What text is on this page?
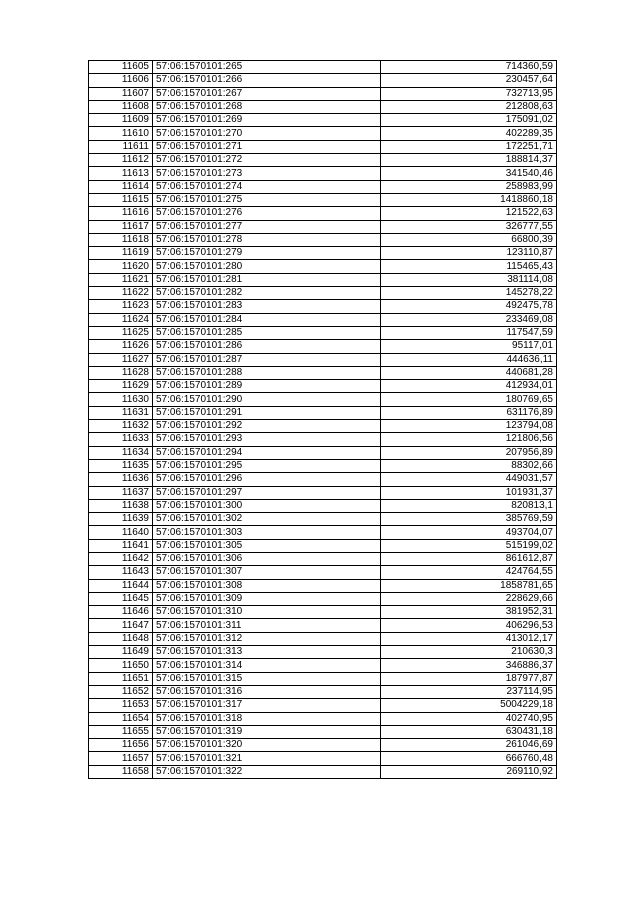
11605	57:06:1570101:265	714360,59
11606	57:06:1570101:266	230457,64
11607	57:06:1570101:267	732713,95
11608	57:06:1570101:268	212808,63
11609	57:06:1570101:269	175091,02
11610	57:06:1570101:270	402289,35
11611	57:06:1570101:271	172251,71
11612	57:06:1570101:272	188814,37
11613	57:06:1570101:273	341540,46
11614	57:06:1570101:274	258983,99
11615	57:06:1570101:275	1418860,18
11616	57:06:1570101:276	121522,63
11617	57:06:1570101:277	326777,55
11618	57:06:1570101:278	66800,39
11619	57:06:1570101:279	123110,87
11620	57:06:1570101:280	115465,43
11621	57:06:1570101:281	381114,08
11622	57:06:1570101:282	145278,22
11623	57:06:1570101:283	492475,78
11624	57:06:1570101:284	233469,08
11625	57:06:1570101:285	117547,59
11626	57:06:1570101:286	95117,01
11627	57:06:1570101:287	444636,11
11628	57:06:1570101:288	440681,28
11629	57:06:1570101:289	412934,01
11630	57:06:1570101:290	180769,65
11631	57:06:1570101:291	631176,89
11632	57:06:1570101:292	123794,08
11633	57:06:1570101:293	121806,56
11634	57:06:1570101:294	207956,89
11635	57:06:1570101:295	88302,66
11636	57:06:1570101:296	449031,57
11637	57:06:1570101:297	101931,37
11638	57:06:1570101:300	820813,1
11639	57:06:1570101:302	385769,59
11640	57:06:1570101:303	493704,07
11641	57:06:1570101:305	515199,02
11642	57:06:1570101:306	861612,87
11643	57:06:1570101:307	424764,55
11644	57:06:1570101:308	1858781,65
11645	57:06:1570101:309	228629,66
11646	57:06:1570101:310	381952,31
11647	57:06:1570101:311	406296,53
11648	57:06:1570101:312	413012,17
11649	57:06:1570101:313	210630,3
11650	57:06:1570101:314	346886,37
11651	57:06:1570101:315	187977,87
11652	57:06:1570101:316	237114,95
11653	57:06:1570101:317	5004229,18
11654	57:06:1570101:318	402740,95
11655	57:06:1570101:319	630431,18
11656	57:06:1570101:320	261046,69
11657	57:06:1570101:321	666760,48
11658	57:06:1570101:322	269110,92
